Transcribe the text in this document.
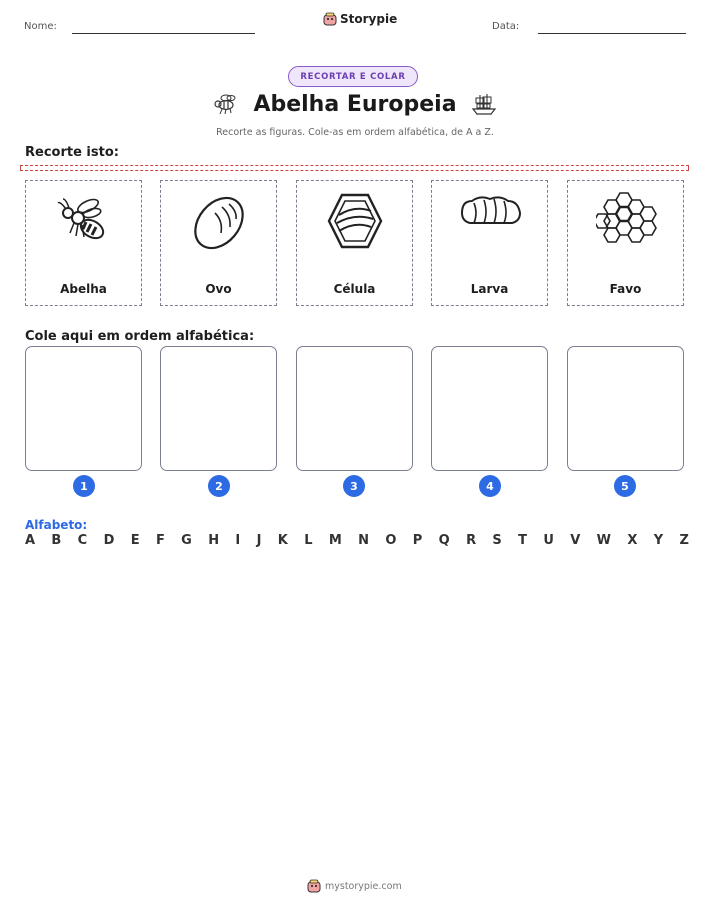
Nome:	Data:
Storypie
RECORTAR E COLAR
Abelha Europeia
Recorte as figuras. Cole-as em ordem alfabética, de A a Z.
Recorte isto:
Abelha	Ovo	Célula	Larva	Favo
Cole aqui em ordem alfabética:
1	2	3	4	5
Alfabeto:
A B C D E F G H I J K L M N O P Q R S T U V W X Y Z
mystorypie.com
